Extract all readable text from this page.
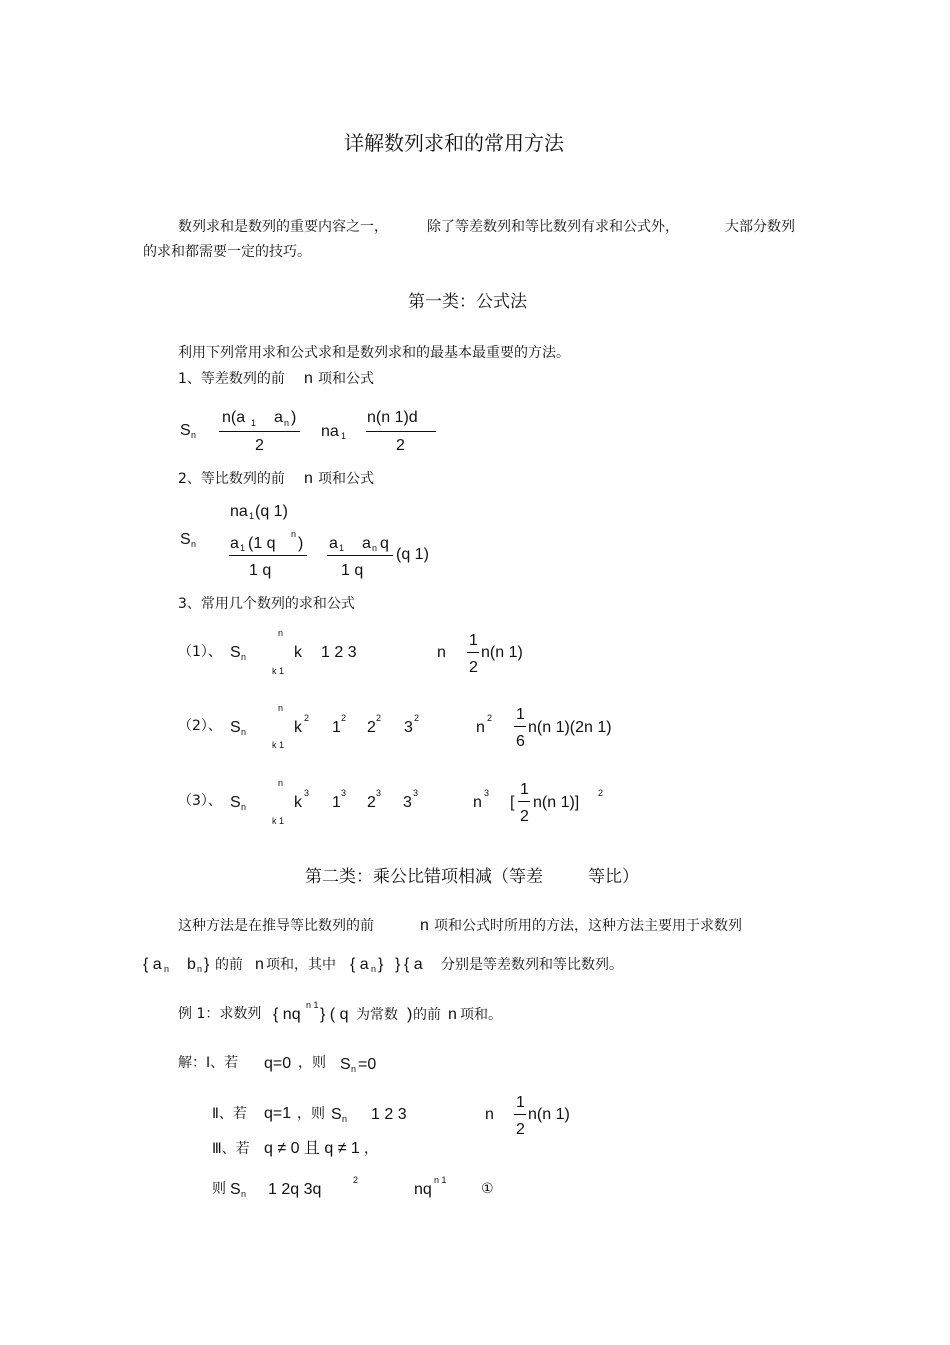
详解数列求和的常用方法
数列求和是数列的重要内容之一，	除了等差数列和等比数列有求和公式外，	大部分数列
的求和都需要一定的技巧。
第一类：公式法
利用下列常用求和公式求和是数列求和的最基本最重要的方法。
1、等差数列的前 n 项和公式
S n
n(a 1 a n )
2
na 1
n(n 1)d
2
2、等比数列的前 n 项和公式
na 1 (q 1)
S n a 1 (1 q
n
)
1 q
a 1 a n q
1 q
(q 1)
3、常用几个数列的求和公式
（1）、 S n
n
k 1
k 1 2 3	n
1
2
n(n 1)
（2）、 S n
n
k 1
k
2
1
2
2
2
3
2
n
2 1
6
n(n 1)(2n 1)
（3）、 S n
n
k 1
k
3
1
3
2
3
3
3
n
3
[
1
2
n(n 1)]
2
第二类：乘公比错项相减（等差	等比）
这种方法是在推导等比数列的前	n 项和公式时所用的方法，这种方法主要用于求数列
{ a n b n } 的前 n 项和，其中 { a n } } { a 分别是等差数列和等比数列。
例 1：求数列 { nq
n 1
} ( q 为常数 ) 的前 n 项和。
解：Ⅰ、若 q=0 ，则 S n =0
Ⅱ、若 q=1 ，则 S n 1 2 3	n
1
2
n(n 1)
Ⅲ、若 q ≠ 0 且 q ≠ 1 ，
则 S n 1 2q 3q
2
nq
n 1
①
